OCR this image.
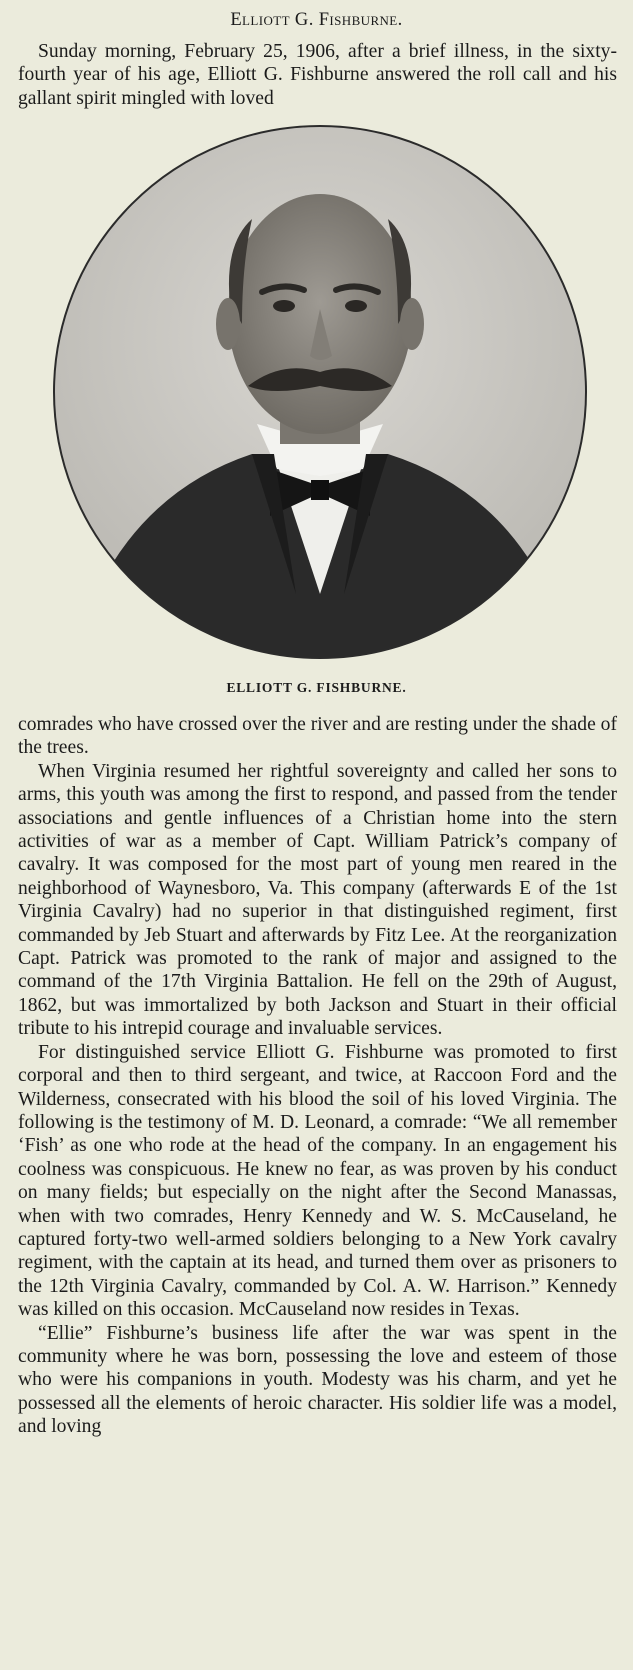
Elliott G. Fishburne.

Sunday morning, February 25, 1906, after a brief illness, in the sixty-fourth year of his age, Elliott G. Fishburne answered the roll call and his gallant spirit mingled with loved

ELLIOTT G. FISHBURNE.

comrades who have crossed over the river and are resting under the shade of the trees.

When Virginia resumed her rightful sovereignty and called her sons to arms, this youth was among the first to respond, and passed from the tender associations and gentle influences of a Christian home into the stern activities of war as a member of Capt. William Patrick’s company of cavalry. It was composed for the most part of young men reared in the neighborhood of Waynesboro, Va. This company (afterwards E of the 1st Virginia Cavalry) had no superior in that distinguished regiment, first commanded by Jeb Stuart and afterwards by Fitz Lee. At the reorganization Capt. Patrick was promoted to the rank of major and assigned to the command of the 17th Virginia Battalion. He fell on the 29th of August, 1862, but was immortalized by both Jackson and Stuart in their official tribute to his intrepid courage and invaluable services.

For distinguished service Elliott G. Fishburne was promoted to first corporal and then to third sergeant, and twice, at Raccoon Ford and the Wilderness, consecrated with his blood the soil of his loved Virginia. The following is the testimony of M. D. Leonard, a comrade: “We all remember ‘Fish’ as one who rode at the head of the company. In an engagement his coolness was conspicuous. He knew no fear, as was proven by his conduct on many fields; but especially on the night after the Second Manassas, when with two comrades, Henry Kennedy and W. S. McCauseland, he captured forty-two well-armed soldiers belonging to a New York cavalry regiment, with the captain at its head, and turned them over as prisoners to the 12th Virginia Cavalry, commanded by Col. A. W. Harrison.” Kennedy was killed on this occasion. McCauseland now resides in Texas.

“Ellie” Fishburne’s business life after the war was spent in the community where he was born, possessing the love and esteem of those who were his companions in youth. Modesty was his charm, and yet he possessed all the elements of heroic character. His soldier life was a model, and loving
